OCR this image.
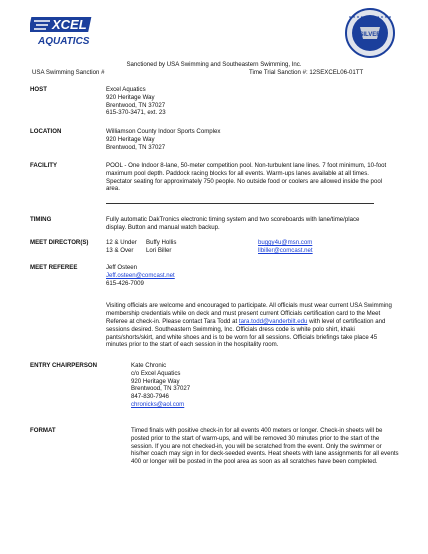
XCEL
AQUATICS
SILVER
Sanctioned by USA Swimming and Southeastern Swimming, Inc.
USA Swimming Sanction #	Time Trial Sanction #: 12SEXCEL06-01TT
HOST	Excel Aquatics

920 Heritage Way

Brentwood, TN 37027

615-370-3471, ext. 23

LOCATION	Williamson County Indoor Sports Complex

920 Heritage Way

Brentwood, TN 37027

FACILITY	POOL - One Indoor 8-lane, 50-meter competition pool. Non-turbulent lane lines. 7 foot minimum, 10-foot maximum pool depth. Paddock racing blocks for all events. Warm-ups lanes available at all times. Spectator seating for approximately 750 people. No outside food or coolers are allowed inside the pool area.
TIMING	Fully automatic DakTronics electronic timing system and two scoreboards with lane/time/place display. Button and manual watch backup.
MEET DIRECTOR(S)	12 & Under Buffy Hollis	buggy4u@msn.com
13 & Over Lori Biller	llbiller@comcast.net
MEET REFEREE	Jeff Osteen

Jeff.osteen@comcast.net

615-426-7009

Visiting officials are welcome and encouraged to participate. All officials must wear current USA Swimming membership credentials while on deck and must present current Officials certification card to the Meet Referee at check-in. Please contact Tara Todd at tara.todd@vanderbilt.edu with level of certification and sessions desired. Southeastern Swimming, Inc. Officials dress code is white polo shirt, khaki pants/shorts/skirt, and white shoes and is to be worn for all sessions. Officials briefings take place 45 minutes prior to the start of each session in the hospitality room.

ENTRY CHAIRPERSON	Kate Chronic

c/o Excel Aquatics

920 Heritage Way

Brentwood, TN 37027

847-830-7946

chronicks@aol.com

FORMAT	Timed finals with positive check-in for all events 400 meters or longer. Check-in sheets will be posted prior to the start of warm-ups, and will be removed 30 minutes prior to the start of the session. If you are not checked-in, you will be scratched from the event. Only the swimmer or his/her coach may sign in for deck-seeded events. Heat sheets with lane assignments for all events 400 or longer will be posted in the pool area as soon as all scratches have been completed.
